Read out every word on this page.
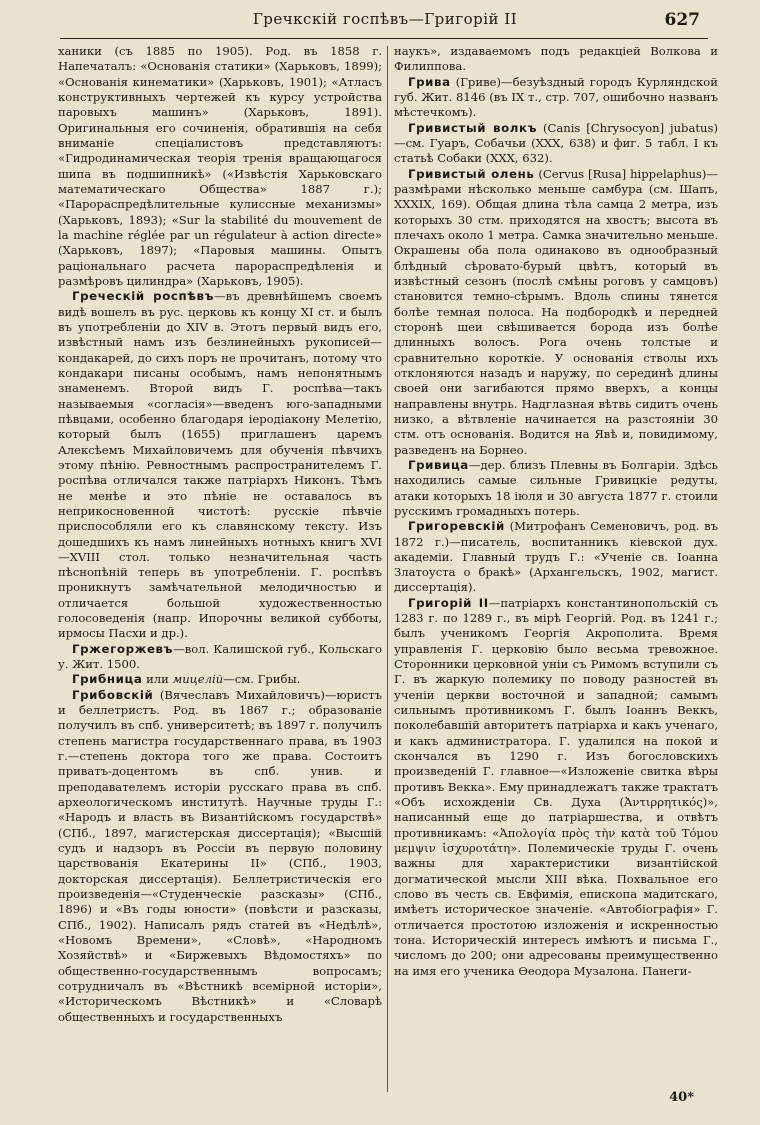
Гречкскій госпѣвъ—Григорій II	627

ханики (съ 1885 по 1905). Род. въ 1858 г. Напечаталъ: «Основанія статики» (Харьковъ, 1899); «Основанія кинематики» (Харьковъ, 1901); «Атласъ конструктивныхъ чертежей къ курсу устройства паровыхъ машинъ» (Харьковъ, 1891). Оригинальныя его сочиненія, обратившія на себя вниманіе спеціалистовъ представляютъ: «Гидродинамическая теорія тренія вращающагося шипа въ подшипникѣ» («Извѣстія Харьковскаго математическаго Общества» 1887 г.); «Парораспредѣлительные кулиссные механизмы» (Харьковъ, 1893); «Sur la stabilité du mouvement de la machine réglée par un régulateur à action directe» (Харьковъ, 1897); «Паровыя машины. Опытъ раціональнаго расчета парораспредѣленія и размѣровъ цилиндра» (Харьковъ, 1905).

Греческій роспѣвъ—въ древнѣйшемъ своемъ видѣ вошелъ въ рус. церковь къ концу XI ст. и былъ въ употребленіи до XIV в. Этотъ первый видъ его, извѣстный намъ изъ безлинейныхъ рукописей—кондакарей, до сихъ поръ не прочитанъ, потому что кондакари писаны особымъ, намъ непонятнымъ знаменемъ. Второй видъ Г. роспѣва—такъ называемыя «согласія»—введенъ юго-западными пѣвцами, особенно благодаря іеродіакону Мелетію, который былъ (1655) приглашенъ царемъ Алексѣемъ Михайловичемъ для обученія пѣвчихъ этому пѣнію. Ревностнымъ распространителемъ Г. роспѣва отличался также патріархъ Никонъ. Тѣмъ не менѣе и это пѣніе не оставалось въ неприкосновенной чистотѣ: русскіе пѣвчіе приспособляли его къ славянскому тексту. Изъ дошедшихъ къ намъ линейныхъ нотныхъ книгъ XVI—XVIII стол. только незначительная часть пѣснопѣній теперь въ употребленіи. Г. роспѣвъ проникнутъ замѣчательной мелодичностью и отличается большой художественностью голосоведенія (напр. Ипорочны великой субботы, ирмосы Пасхи и др.).

Гржегоржевъ—вол. Калишской губ., Кольскаго у. Жит. 1500.

Грибница или мицелій—см. Грибы.

Грибовскій (Вячеславъ Михайловичъ)—юристъ и беллетристъ. Род. въ 1867 г.; образованіе получилъ въ спб. университетѣ; въ 1897 г. получилъ степень магистра государственнаго права, въ 1903 г.—степень доктора того же права. Состоитъ приватъ-доцентомъ въ спб. унив. и преподавателемъ исторіи русскаго права въ спб. археологическомъ институтѣ. Научные труды Г.: «Народъ и власть въ Византійскомъ государствѣ» (СПб., 1897, магистерская диссертація); «Высшій судъ и надзоръ въ Россіи въ первую половину царствованія Екатерины II» (СПб., 1903, докторская диссертація). Беллетристическія его произведенія—«Студенческіе разсказы» (СПб., 1896) и «Въ годы юности» (повѣсти и разсказы, СПб., 1902). Написалъ рядъ статей въ «Недѣлѣ», «Новомъ Времени», «Словѣ», «Народномъ Хозяйствѣ» и «Биржевыхъ Вѣдомостяхъ» по общественно-государственнымъ вопросамъ; сотрудничалъ въ «Вѣстникѣ всемірной исторіи», «Историческомъ Вѣстникѣ» и «Словарѣ общественныхъ и государственныхъ

наукъ», издаваемомъ подъ редакціей Волкова и Филиппова.

Грива (Гриве)—безуѣздный городъ Курляндской губ. Жит. 8146 (въ IX т., стр. 707, ошибочно названъ мѣстечкомъ).

Гривистый волкъ (Canis [Chrysocyon] jubatus)—см. Гуаръ, Собачьи (XXX, 638) и фиг. 5 табл. I къ статьѣ Собаки (XXX, 632).

Гривистый олень (Cervus [Rusa] hippelaphus)—размѣрами нѣсколько меньше самбура (см. Шапъ, XXXIX, 169). Общая длина тѣла самца 2 метра, изъ которыхъ 30 стм. приходятся на хвостъ; высота въ плечахъ около 1 метра. Самка значительно меньше. Окрашены оба пола одинаково въ однообразный блѣдный сѣровато-бурый цвѣтъ, который въ извѣстный сезонъ (послѣ смѣны роговъ у самцовъ) становится темно-сѣрымъ. Вдоль спины тянется болѣе темная полоса. На подбородкѣ и передней сторонѣ шеи свѣшивается борода изъ болѣе длинныхъ волосъ. Рога очень толстые и сравнительно короткіе. У основанія стволы ихъ отклоняются назадъ и наружу, по серединѣ длины своей они загибаются прямо вверхъ, а концы направлены внутрь. Надглазная вѣтвь сидитъ очень низко, а вѣтвленіе начинается на разстояніи 30 стм. отъ основанія. Водится на Явѣ и, повидимому, разведенъ на Борнео.

Гривица—дер. близъ Плевны въ Болгаріи. Здѣсь находились самые сильные Гривицкіе редуты, атаки которыхъ 18 іюля и 30 августа 1877 г. стоили русскимъ громадныхъ потерь.

Григоревскій (Митрофанъ Семеновичъ, род. въ 1872 г.)—писатель, воспитанникъ кіевской дух. академіи. Главный трудъ Г.: «Ученіе св. Іоанна Златоуста о бракѣ» (Архангельскъ, 1902, магист. диссертація).

Григорій II—патріархъ константинопольскій съ 1283 г. по 1289 г., въ мірѣ Георгій. Род. въ 1241 г.; былъ ученикомъ Георгія Акрополита. Время управленія Г. церковію было весьма тревожное. Сторонники церковной уніи съ Римомъ вступили съ Г. въ жаркую полемику по поводу разностей въ ученіи церкви восточной и западной; самымъ сильнымъ противникомъ Г. былъ Іоаннъ Веккъ, поколебавшій авторитетъ патріарха и какъ ученаго, и какъ администратора. Г. удалился на покой и скончался въ 1290 г. Изъ богословскихъ произведеній Г. главное—«Изложеніе свитка вѣры противъ Векка». Ему принадлежатъ также трактатъ «Объ исхожденіи Св. Духа (Ἀντιρρητικός)», написанный еще до патріаршества, и отвѣтъ противникамъ: «Ἀπολογία πρὸς τὴν κατὰ τοῦ Τόμου μεμψιν ἰσχυροτάτη». Полемическіе труды Г. очень важны для характеристики византійской догматической мысли XIII вѣка. Похвальное его слово въ честь св. Евфимія, епископа мадитскаго, имѣетъ историческое значеніе. «Автобіографія» Г. отличается простотою изложенія и искренностью тона. Историческій интересъ имѣютъ и письма Г., числомъ до 200; они адресованы преимущественно на имя его ученика Ѳеодора Музалона. Панеги-

40*
